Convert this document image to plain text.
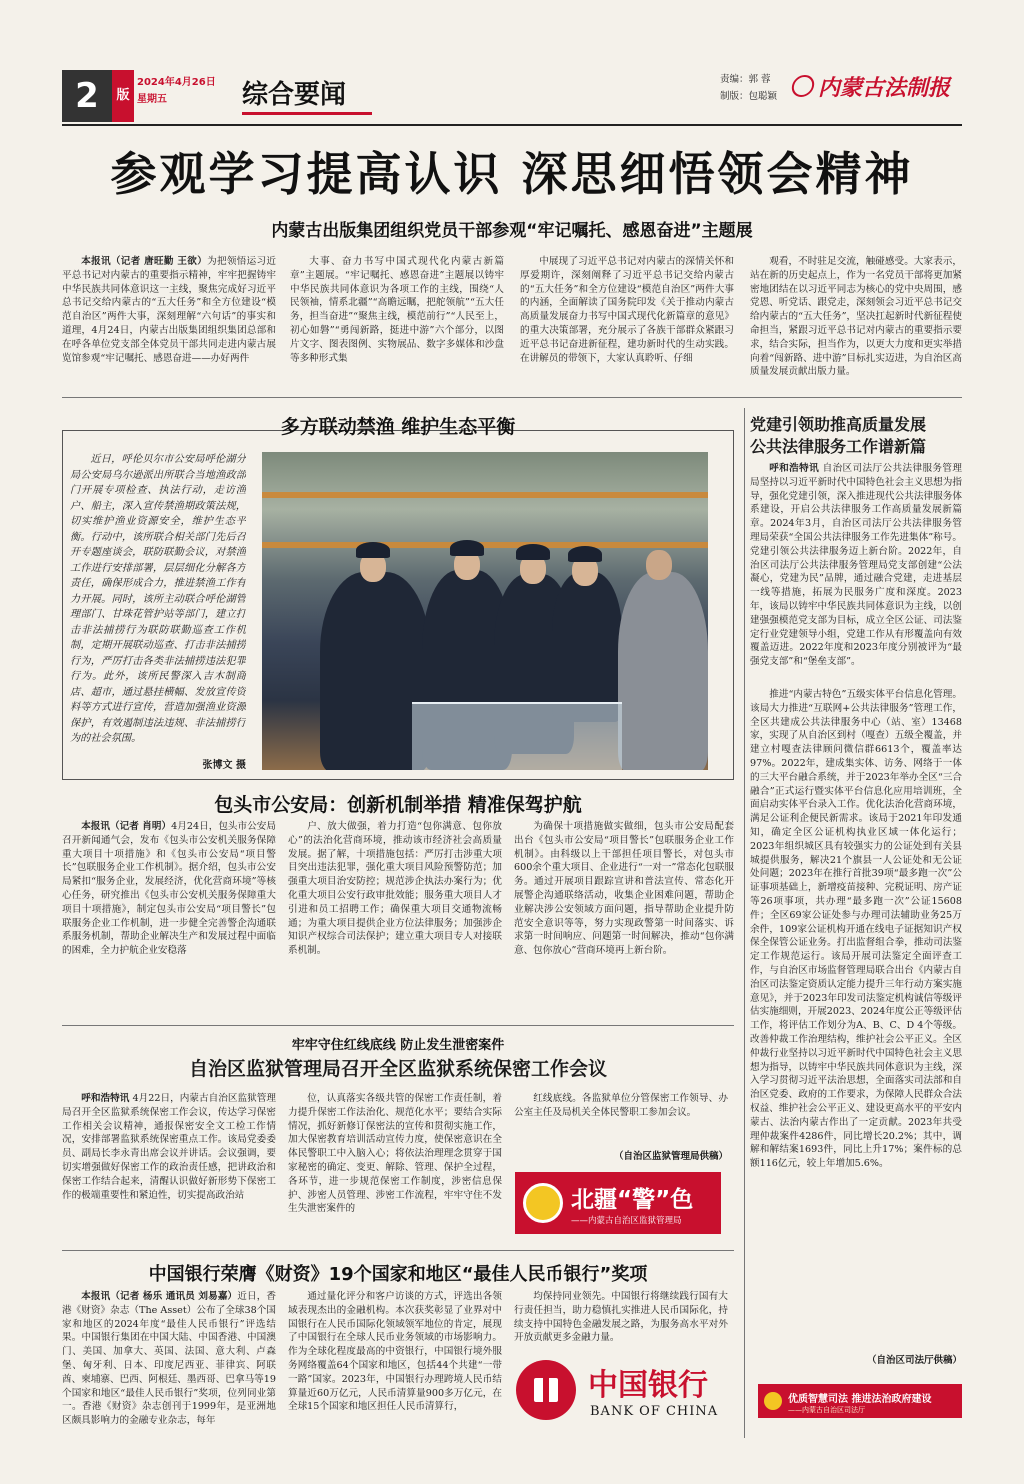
2	版
2024年4月26日
星期五	综合要闻
责编：郭 蓉
制版：包聪颖 内蒙古法制报
参观学习提高认识 深思细悟领会精神
内蒙古出版集团组织党员干部参观“牢记嘱托、感恩奋进”主题展

本报讯（记者 唐旺勤 王欲）为把领悟运习近平总书记对内蒙古的重要指示精神，牢牢把握铸牢中华民族共同体意识这一主线，聚焦完成好习近平总书记交给内蒙古的“五大任务”和全方位建设“模范自治区”两件大事，深刻理解“六句话”的事实和道理，4月24日，内蒙古出版集团组织集团总部和在呼各单位党支部全体党员干部共同走进内蒙古展览馆参观“牢记嘱托、感恩奋进——办好两件

大事、奋力书写中国式现代化内蒙古新篇章”主题展。“牢记嘱托、感恩奋进”主题展以铸牢中华民族共同体意识为各项工作的主线，围绕“人民领袖，情系北疆”“高瞻远瞩，把舵领航”“五大任务，担当奋进”“聚焦主线，模范前行”“人民至上，初心如磐”“勇闯新路，挺进中游”六个部分，以图片文字、图表图例、实物展品、数字多媒体和沙盘等多种形式集

中展现了习近平总书记对内蒙古的深情关怀和厚爱期许，深刻阐释了习近平总书记交给内蒙古的“五大任务”和全方位建设“模范自治区”两件大事的内涵，全面解读了国务院印发《关于推动内蒙古高质量发展奋力书写中国式现代化新篇章的意见》的重大决策部署，充分展示了各族干部群众紧跟习近平总书记奋进新征程，建功新时代的生动实践。在讲解员的带领下，大家认真聆听、仔细

观看，不时驻足交流，触碰感受。大家表示，站在新的历史起点上，作为一名党员干部将更加紧密地团结在以习近平同志为核心的党中央周围，感党恩、听党话、跟党走，深刻领会习近平总书记交给内蒙古的“五大任务”，坚决扛起新时代新征程使命担当，紧跟习近平总书记对内蒙古的重要指示要求，结合实际，担当作为，以更大力度和更实举措向着“闯新路、进中游”目标扎实迈进，为自治区高质量发展贡献出版力量。

多方联动禁渔 维护生态平衡

近日，呼伦贝尔市公安局呼伦湖分局公安局乌尔逊派出所联合当地渔政部门开展专项检查、执法行动，走访渔户、船主，深入宣传禁渔期政策法规，切实维护渔业资源安全，维护生态平衡。行动中，该所联合相关部门先后召开专题座谈会，联防联勤会议，对禁渔工作进行安排部署，层层细化分解各方责任，确保形成合力，推进禁渔工作有力开展。同时，该所主动联合呼伦湖管理部门、甘珠花管护站等部门，建立打击非法捕捞行为联防联勤巡查工作机制，定期开展联动巡查、打击非法捕捞行为，严厉打击各类非法捕捞违法犯罪行为。此外，该所民警深入吉木制商店、超市，通过悬挂横幅、发放宣传资料等方式进行宣传，营造加强渔业资源保护，有效遏制违法违规、非法捕捞行为的社会氛围。

张博文 摄
包头市公安局：创新机制举措 精准保驾护航

本报讯（记者 肖明）4月24日，包头市公安局召开新闻通气会，发布《包头市公安机关服务保障重大项目十项措施》和《包头市公安局“项目警长”包联服务企业工作机制》。据介绍，包头市公安局紧扣“服务企业，发展经济，优化营商环境”等核心任务，研究推出《包头市公安机关服务保障重大项目十项措施》，制定包头市公安局“项目警长”包联服务企业工作机制，进一步健全完善警企沟通联系服务机制，帮助企业解决生产和发展过程中面临的困难，全力护航企业安稳落

户、放大做强，着力打造“包你满意、包你放心”的法治化营商环境，推动该市经济社会高质量发展。据了解，十项措施包括：严厉打击涉重大项目突出违法犯罪，强化重大项目风险预警防范；加强重大项目治安防控；规范涉企执法办案行为；优化重大项目公安行政审批效能；服务重大项目人才引进和员工招聘工作；确保重大项目交通物流畅通；为重大项目提供企业方位法律服务；加强涉企知识产权综合司法保护；建立重大项目专人对接联系机制。

为确保十项措施做实做细，包头市公安局配套出台《包头市公安局“项目警长”包联服务企业工作机制》。由科级以上干部担任项目警长，对包头市600余个重大项目、企业进行“一对一”常态化包联服务。通过开展项目跟踪宣讲和普法宣传、常态化开展警企沟通联络活动，收集企业困难问题，帮助企业解决涉公安领域方面问题，指导帮助企业提升防范安全意识等等，努力实现政警第一时间落实、诉求第一时间响应、问题第一时间解决，推动“包你满意、包你放心”营商环境再上新台阶。

牢牢守住红线底线 防止发生泄密案件
自治区监狱管理局召开全区监狱系统保密工作会议

呼和浩特讯 4月22日，内蒙古自治区监狱管理局召开全区监狱系统保密工作会议，传达学习保密工作相关会议精神，通报保密安全文工检工作情况，安排部署监狱系统保密重点工作。该局党委委员、副局长李永青出席会议并讲话。会议强调，要切实增强做好保密工作的政治责任感，把讲政治和保密工作结合起来，清醒认识做好新形势下保密工作的极端重要性和紧迫性，切实提高政治站

位，认真落实各级共管的保密工作责任制，着力提升保密工作法治化、规范化水平；要结合实际情况，抓好新修订保密法的宣传和贯彻实施工作，加大保密教育培训活动宣传力度，使保密意识在全体民警职工中入脑入心；将依法治理理念贯穿于国家秘密的确定、变更、解除、管理、保护全过程，各环节，进一步规范保密工作制度，涉密信息保护、涉密人员管理、涉密工作流程，牢牢守住不发生失泄密案件的

红线底线。各监狱单位分管保密工作领导、办公室主任及局机关全体民警职工参加会议。

（自治区监狱管理局供稿）
北疆“警”色
——内蒙古自治区监狱管理局
中国银行荣膺《财资》19个国家和地区“最佳人民币银行”奖项

本报讯（记者 杨乐 通讯员 刘易嘉）近日，香港《财资》杂志（The Asset）公布了全球38个国家和地区的2024年度“最佳人民币银行”评选结果。中国银行集团在中国大陆、中国香港、中国澳门、美国、加拿大、英国、法国、意大利、卢森堡、匈牙利、日本、印度尼西亚、菲律宾、阿联酋、柬埔寨、巴西、阿根廷、墨西哥、巴拿马等19个国家和地区“最佳人民币银行”奖项，位列同业第一。香港《财资》杂志创刊于1999年，是亚洲地区颇具影响力的金融专业杂志，每年

通过量化评分和客户访谈的方式，评选出各领域表现杰出的金融机构。本次获奖彰显了业界对中国银行在人民币国际化领域领军地位的肯定，展现了中国银行在全球人民币业务领域的市场影响力。作为全球化程度最高的中资银行，中国银行境外服务网络覆盖64个国家和地区，包括44个共建“一带一路”国家。2023年，中国银行办理跨境人民币结算量近60万亿元，人民币清算量900多万亿元，在全球15个国家和地区担任人民币清算行，

均保持同业领先。中国银行将继续践行国有大行责任担当，助力稳慎扎实推进人民币国际化，持续支持中国特色金融发展之路，为服务高水平对外开放贡献更多金融力量。

中国银行
BANK OF CHINA
党建引领助推高质量发展
公共法律服务工作谱新篇

呼和浩特讯 自治区司法厅公共法律服务管理局坚持以习近平新时代中国特色社会主义思想为指导，强化党建引领，深入推进现代公共法律服务体系建设，开启公共法律服务工作高质量发展新篇章。2024年3月，自治区司法厅公共法律服务管理局荣获“全国公共法律服务工作先进集体”称号。党建引领公共法律服务迈上新台阶。2022年，自治区司法厅公共法律服务管理局党支部创建“公法凝心，党建为民”品牌，通过融合党建，走进基层一线等措施，拓展为民服务广度和深度。2023年，该局以铸牢中华民族共同体意识为主线，以创建强强模范党支部为目标，成立全区公证、司法鉴定行业党建领导小组，党建工作从有形覆盖向有效覆盖迈进。2022年度和2023年度分别被评为“最强党支部”和“堡垒支部”。

推进“内蒙古特色”五级实体平台信息化管理。该局大力推进“互联网+公共法律服务”管理工作，全区共建成公共法律服务中心（站、室）13468家，实现了从自治区到村（嘎查）五级全覆盖，并建立村嘎查法律顾问微信群6613个，覆盖率达97%。2022年，建成集实体、访务、网络于一体的三大平台融合系统，并于2023年举办全区“三合融合”正式运行暨实体平台信息化应用培训班，全面启动实体平台录入工作。优化法治化营商环境，满足公证利企便民新需求。该局于2021年印发通知，确定全区公证机构执业区域一体化运行；2023年组织城区具有较强实力的公证处到有关县城提供服务，解决21个旗县一人公证处和无公证处问题；2023年在推行首批39项“最多跑一次”公证事项基础上，新增疫苗接种、完税证明、房产证等26项事项，共办理“最多跑一次”公证15608件；全区69家公证处参与办理司法辅助业务25万余件，109家公证机构开通在线电子证据知识产权保全保管公证业务。打出监督组合拳，推动司法鉴定工作规范运行。该局开展司法鉴定全面评查工作，与自治区市场监督管理局联合出台《内蒙古自治区司法鉴定资质认定能力提升三年行动方案实施意见》，并于2023年印发司法鉴定机构诚信等级评估实施细则，开展2023、2024年度公正等级评估工作，将评估工作划分为A、B、C、D 4个等级。改善仲裁工作治理结构，维护社会公平正义。全区仲裁行业坚持以习近平新时代中国特色社会主义思想为指导，以铸牢中华民族共同体意识为主线，深入学习贯彻习近平法治思想，全面落实司法部和自治区党委、政府的工作要求，为保障人民群众合法权益、维护社会公平正义、建设更高水平的平安内蒙古、法治内蒙古作出了一定贡献。2023年共受理仲裁案件4286件，同比增长20.2%；其中，调解和解结案1693件，同比上升17%；案件标的总额116亿元，较上年增加5.6%。

（自治区司法厅供稿）
优质智慧司法 推进法治政府建设
——内蒙古自治区司法厅
